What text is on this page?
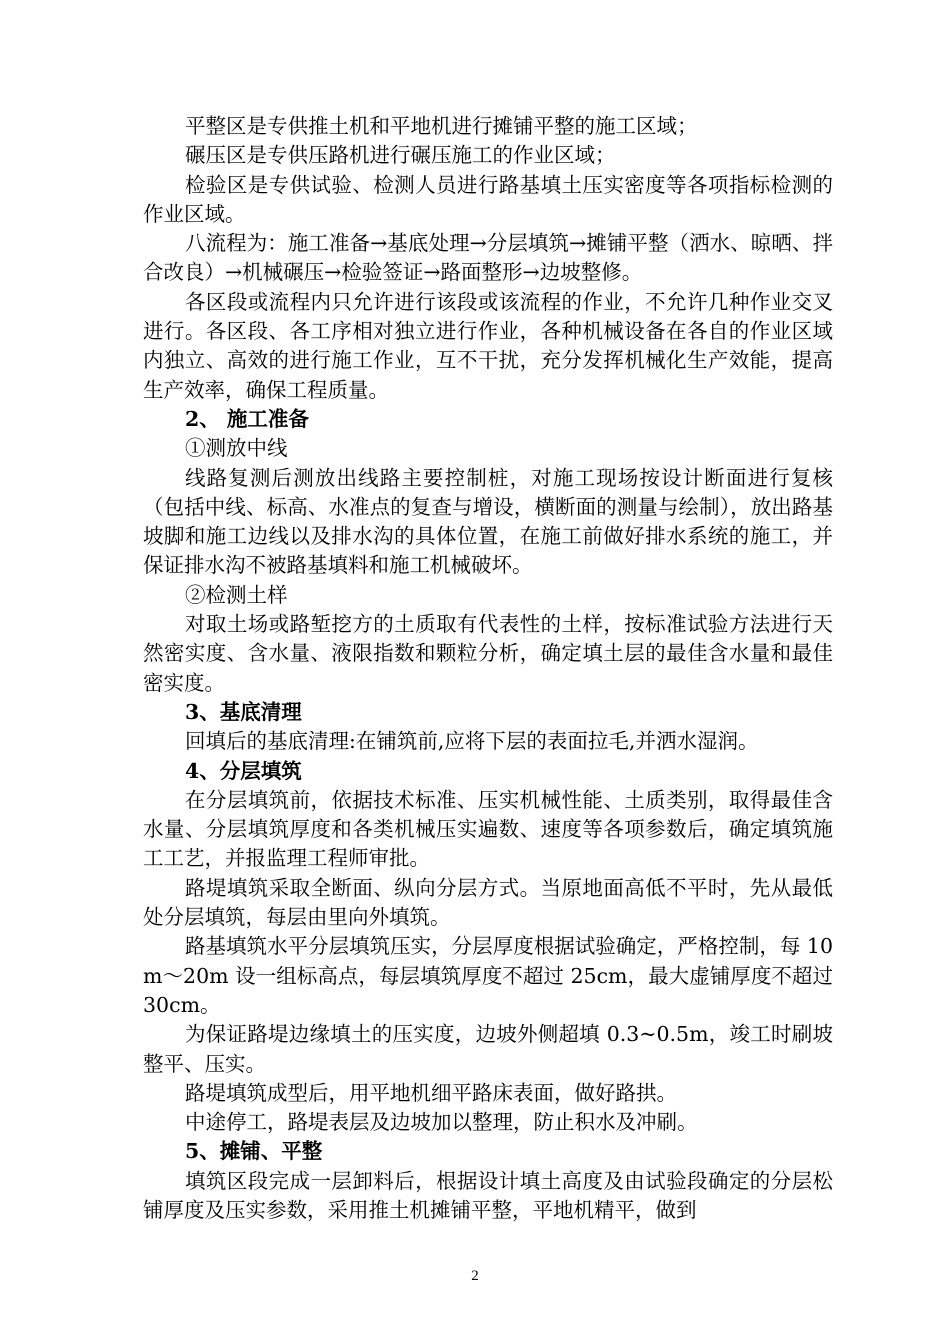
平整区是专供推土机和平地机进行摊铺平整的施工区域；

碾压区是专供压路机进行碾压施工的作业区域；

检验区是专供试验、检测人员进行路基填土压实密度等各项指标检测的作业区域。

八流程为：施工准备→基底处理→分层填筑→摊铺平整（洒水、晾晒、拌合改良）→机械碾压→检验签证→路面整形→边坡整修。

各区段或流程内只允许进行该段或该流程的作业，不允许几种作业交叉进行。各区段、各工序相对独立进行作业，各种机械设备在各自的作业区域内独立、高效的进行施工作业，互不干扰，充分发挥机械化生产效能，提高生产效率，确保工程质量。

2、 施工准备

①测放中线

线路复测后测放出线路主要控制桩，对施工现场按设计断面进行复核（包括中线、标高、水准点的复查与增设，横断面的测量与绘制），放出路基坡脚和施工边线以及排水沟的具体位置，在施工前做好排水系统的施工，并保证排水沟不被路基填料和施工机械破坏。

②检测土样

对取土场或路堑挖方的土质取有代表性的土样，按标准试验方法进行天然密实度、含水量、液限指数和颗粒分析，确定填土层的最佳含水量和最佳密实度。

3、基底清理

回填后的基底清理:在铺筑前,应将下层的表面拉毛,并洒水湿润。

4、分层填筑

在分层填筑前，依据技术标准、压实机械性能、土质类别，取得最佳含水量、分层填筑厚度和各类机械压实遍数、速度等各项参数后，确定填筑施工工艺，并报监理工程师审批。

路堤填筑采取全断面、纵向分层方式。当原地面高低不平时，先从最低处分层填筑，每层由里向外填筑。

路基填筑水平分层填筑压实，分层厚度根据试验确定，严格控制，每 10m～20m 设一组标高点，每层填筑厚度不超过 25cm，最大虚铺厚度不超过 30cm。

为保证路堤边缘填土的压实度，边坡外侧超填 0.3~0.5m，竣工时刷坡整平、压实。

路堤填筑成型后，用平地机细平路床表面，做好路拱。

中途停工，路堤表层及边坡加以整理，防止积水及冲刷。

5、摊铺、平整

填筑区段完成一层卸料后，根据设计填土高度及由试验段确定的分层松铺厚度及压实参数，采用推土机摊铺平整，平地机精平，做到

2
